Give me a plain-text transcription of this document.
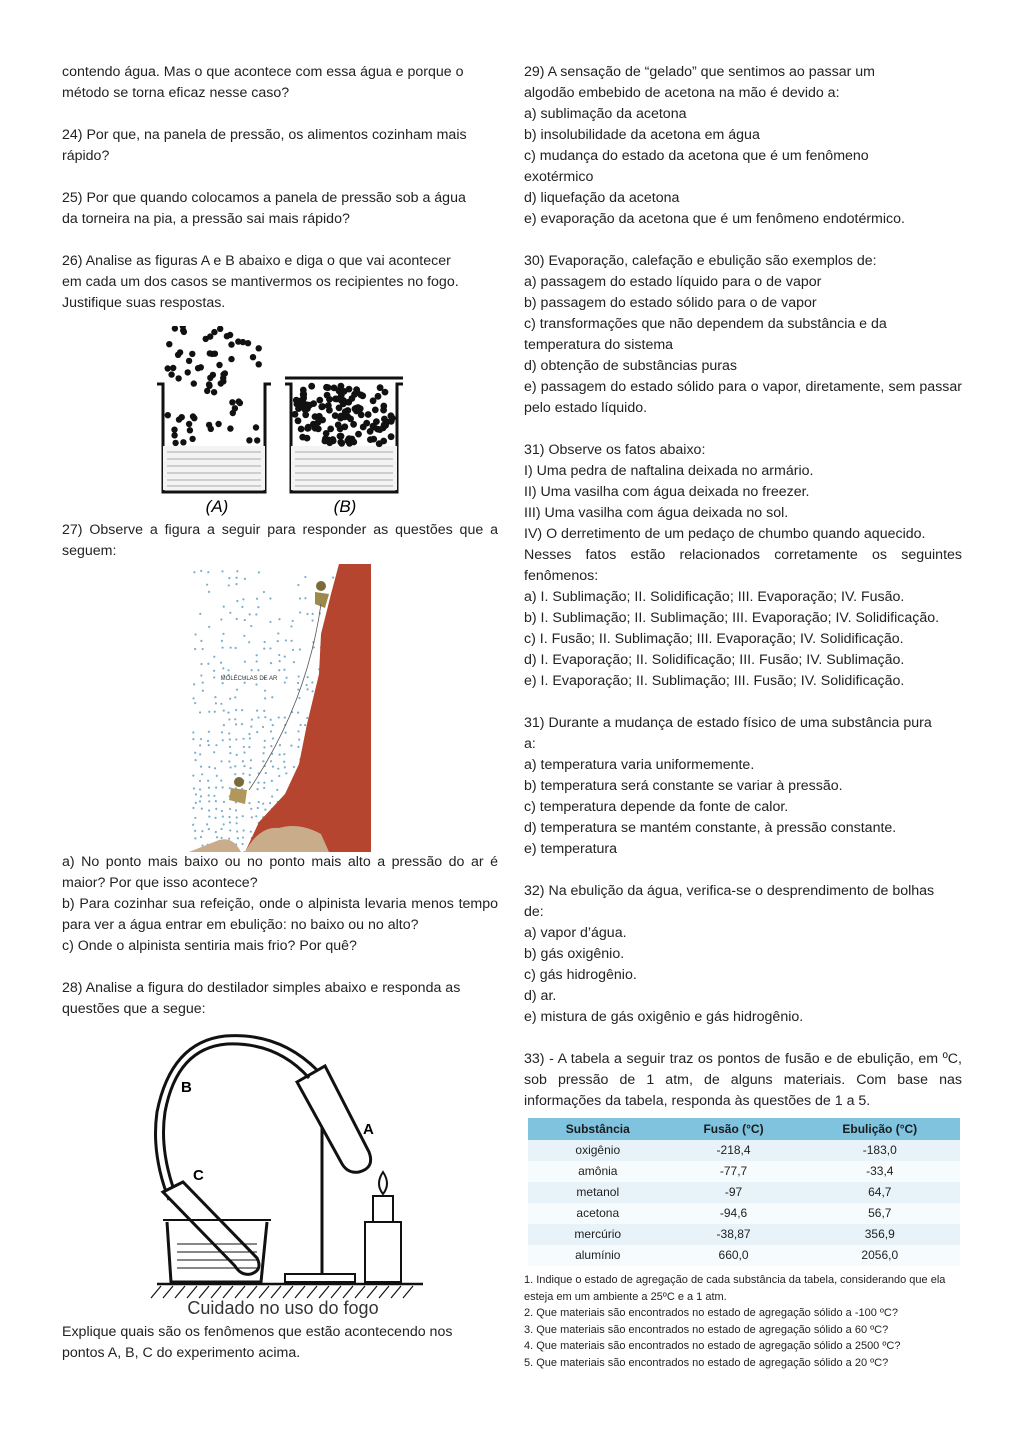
contendo água. Mas o que acontece com essa água e porque o

método se torna eficaz nesse caso?

24) Por que, na panela de pressão, os alimentos cozinham mais

rápido?

25) Por que quando colocamos a panela de pressão sob a água

da torneira na pia, a pressão sai mais rápido?

26) Analise as figuras A e B abaixo e diga o que vai acontecer

em cada um dos casos se mantivermos os recipientes no fogo.

Justifique suas respostas.

(A)	(B)

27) Observe a figura a seguir para responder as questões que a seguem:

MOLÉCULAS DE AR

a) No ponto mais baixo ou no ponto mais alto a pressão do ar é maior? Por que isso acontece?

b) Para cozinhar sua refeição, onde o alpinista levaria menos tempo para ver a água entrar em ebulição: no baixo ou no alto?

c) Onde o alpinista sentiria mais frio? Por quê?

28) Analise a figura do destilador simples abaixo e responda as

questões que a segue:

B
A
C
Cuidado no uso do fogo

Explique quais são os fenômenos que estão acontecendo nos

pontos A, B, C do experimento acima.

29) A sensação de “gelado” que sentimos ao passar um

algodão embebido de acetona na mão é devido a:

a) sublimação da acetona

b) insolubilidade da acetona em água

c) mudança do estado da acetona que é um fenômeno

exotérmico

d) liquefação da acetona

e) evaporação da acetona que é um fenômeno endotérmico.

30) Evaporação, calefação e ebulição são exemplos de:

a) passagem do estado líquido para o de vapor

b) passagem do estado sólido para o de vapor

c) transformações que não dependem da substância e da

temperatura do sistema

d) obtenção de substâncias puras

e) passagem do estado sólido para o vapor, diretamente, sem passar pelo estado líquido.

31) Observe os fatos abaixo:

I) Uma pedra de naftalina deixada no armário.

II) Uma vasilha com água deixada no freezer.

III) Uma vasilha com água deixada no sol.

IV) O derretimento de um pedaço de chumbo quando aquecido.

Nesses fatos estão relacionados corretamente os seguintes fenômenos:

a) I. Sublimação; II. Solidificação; III. Evaporação; IV. Fusão.

b) I. Sublimação; II. Sublimação; III. Evaporação; IV. Solidificação.

c) I. Fusão; II. Sublimação; III. Evaporação; IV. Solidificação.

d) I. Evaporação; II. Solidificação; III. Fusão; IV. Sublimação.

e) I. Evaporação; II. Sublimação; III. Fusão; IV. Solidificação.

31) Durante a mudança de estado físico de uma substância pura

a:

a) temperatura varia uniformemente.

b) temperatura será constante se variar à pressão.

c) temperatura depende da fonte de calor.

d) temperatura se mantém constante, à pressão constante.

e) temperatura

32) Na ebulição da água, verifica-se o desprendimento de bolhas

de:

a) vapor d’água.

b) gás oxigênio.

c) gás hidrogênio.

d) ar.

e) mistura de gás oxigênio e gás hidrogênio.

33) - A tabela a seguir traz os pontos de fusão e de ebulição, em ºC, sob pressão de 1 atm, de alguns materiais. Com base nas informações da tabela, responda às questões de 1 a 5.

Substância	Fusão (°C)	Ebulição (°C)
oxigênio	-218,4	-183,0
amônia	-77,7	-33,4
metanol	-97	64,7
acetona	-94,6	56,7
mercúrio	-38,87	356,9
alumínio	660,0	2056,0

1. Indique o estado de agregação de cada substância da tabela, considerando que ela esteja em um ambiente a 25ºC e a 1 atm.

2. Que materiais são encontrados no estado de agregação sólido a -100 ºC?

3. Que materiais são encontrados no estado de agregação sólido a 60 ºC?

4. Que materiais são encontrados no estado de agregação sólido a 2500 ºC?

5. Que materiais são encontrados no estado de agregação sólido a 20 ºC?
